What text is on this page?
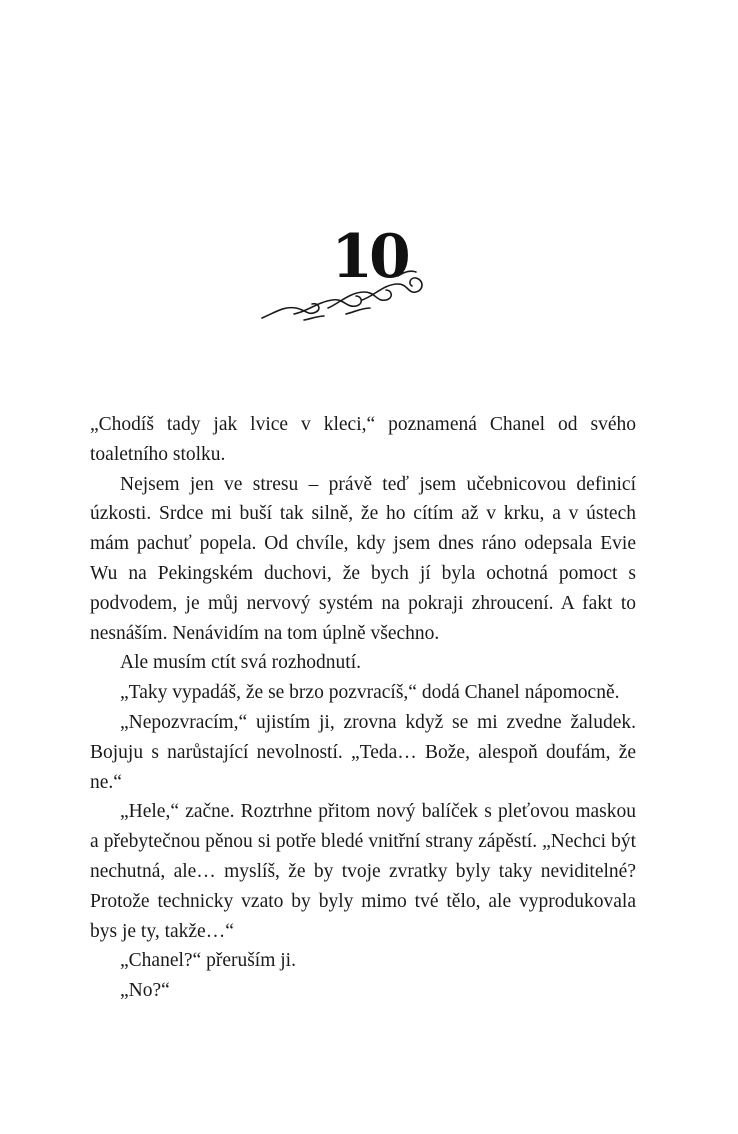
10

„Chodíš tady jak lvice v kleci,“ poznamená Chanel od svého toaletního stolku.

Nejsem jen ve stresu – právě teď jsem učebnicovou definicí úzkosti. Srdce mi buší tak silně, že ho cítím až v krku, a v ústech mám pachuť popela. Od chvíle, kdy jsem dnes ráno odepsala Evie Wu na Pekingském duchovi, že bych jí byla ochotná pomoct s podvodem, je můj nervový systém na pokraji zhroucení. A fakt to nesnáším. Nenávidím na tom úplně všechno.

Ale musím ctít svá rozhodnutí.

„Taky vypadáš, že se brzo pozvracíš,“ dodá Chanel nápomocně.

„Nepozvracím,“ ujistím ji, zrovna když se mi zvedne žaludek. Bojuju s narůstající nevolností. „Teda… Bože, alespoň doufám, že ne.“

„Hele,“ začne. Roztrhne přitom nový balíček s pleťovou maskou a přebytečnou pěnou si potře bledé vnitřní strany zápěstí. „Nechci být nechutná, ale… myslíš, že by tvoje zvratky byly taky neviditelné? Protože technicky vzato by byly mimo tvé tělo, ale vyprodukovala bys je ty, takže…“

„Chanel?“ přeruším ji.

„No?“
